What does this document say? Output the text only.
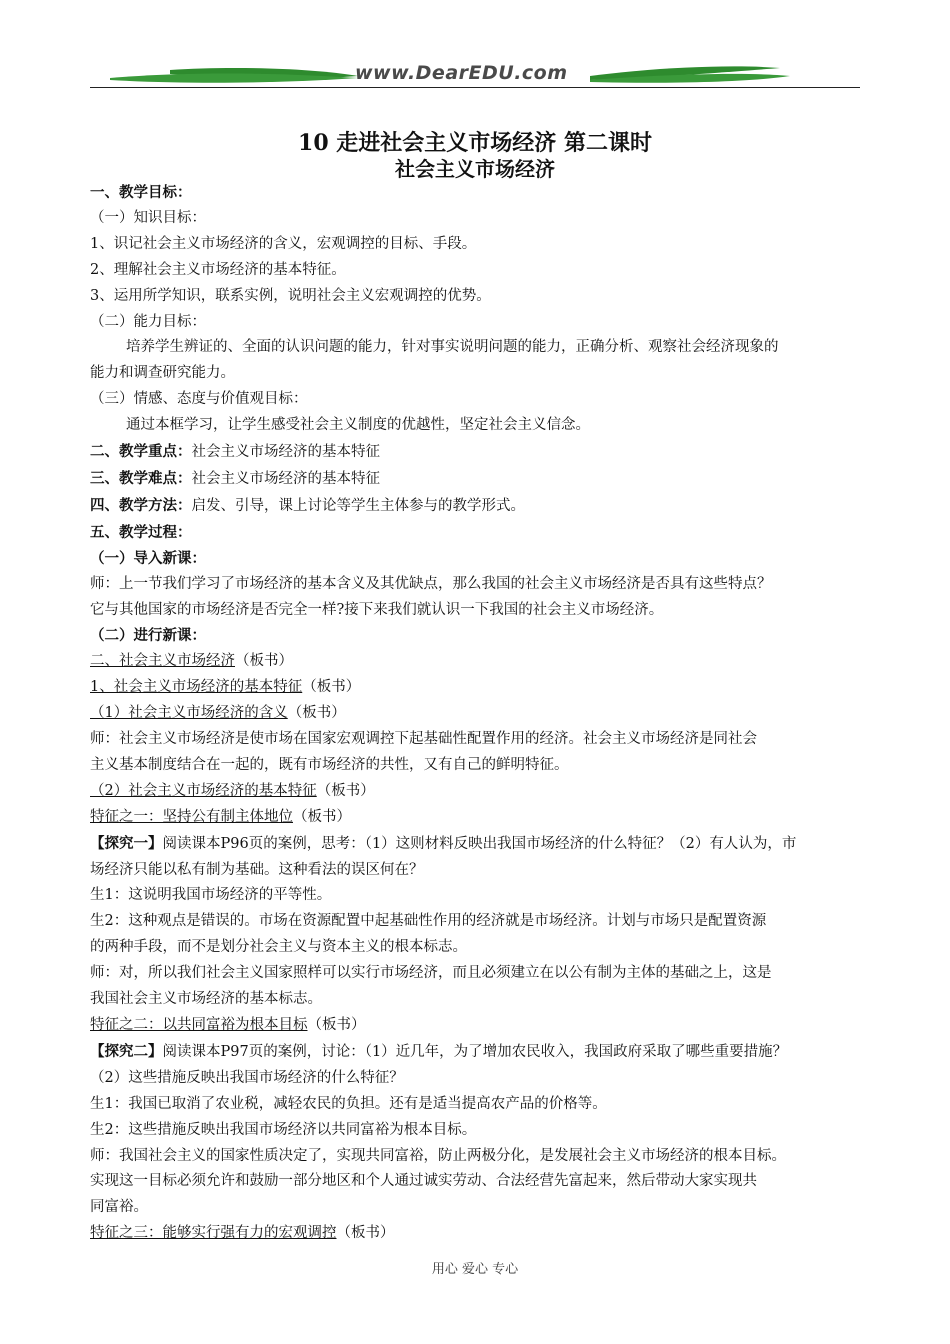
www.DearEDU.com
10 走进社会主义市场经济 第二课时
社会主义市场经济

一、教学目标：

（一）知识目标：

1、识记社会主义市场经济的含义，宏观调控的目标、手段。

2、理解社会主义市场经济的基本特征。

3、运用所学知识，联系实例，说明社会主义宏观调控的优势。

（二）能力目标：

培养学生辨证的、全面的认识问题的能力，针对事实说明问题的能力，正确分析、观察社会经济现象的

能力和调查研究能力。

（三）情感、态度与价值观目标：

通过本框学习，让学生感受社会主义制度的优越性，坚定社会主义信念。

二、教学重点：社会主义市场经济的基本特征

三、教学难点：社会主义市场经济的基本特征

四、教学方法：启发、引导，课上讨论等学生主体参与的教学形式。

五、教学过程：

（一）导入新课：

师：上一节我们学习了市场经济的基本含义及其优缺点，那么我国的社会主义市场经济是否具有这些特点？

它与其他国家的市场经济是否完全一样?接下来我们就认识一下我国的社会主义市场经济。

（二）进行新课：

二、社会主义市场经济（板书）

1、社会主义市场经济的基本特征（板书）

（1）社会主义市场经济的含义（板书）

师：社会主义市场经济是使市场在国家宏观调控下起基础性配置作用的经济。社会主义市场经济是同社会

主义基本制度结合在一起的，既有市场经济的共性，又有自己的鲜明特征。

（2）社会主义市场经济的基本特征（板书）

特征之一：坚持公有制主体地位（板书）

【探究一】阅读课本P96页的案例，思考：（1）这则材料反映出我国市场经济的什么特征？（2）有人认为，市

场经济只能以私有制为基础。这种看法的误区何在？

生1：这说明我国市场经济的平等性。

生2：这种观点是错误的。市场在资源配置中起基础性作用的经济就是市场经济。计划与市场只是配置资源

的两种手段，而不是划分社会主义与资本主义的根本标志。

师：对，所以我们社会主义国家照样可以实行市场经济，而且必须建立在以公有制为主体的基础之上，这是

我国社会主义市场经济的基本标志。

特征之二：以共同富裕为根本目标（板书）

【探究二】阅读课本P97页的案例，讨论：（1）近几年，为了增加农民收入，我国政府采取了哪些重要措施？

（2）这些措施反映出我国市场经济的什么特征？

生1：我国已取消了农业税，减轻农民的负担。还有是适当提高农产品的价格等。

生2：这些措施反映出我国市场经济以共同富裕为根本目标。

师：我国社会主义的国家性质决定了，实现共同富裕，防止两极分化，是发展社会主义市场经济的根本目标。

实现这一目标必须允许和鼓励一部分地区和个人通过诚实劳动、合法经营先富起来，然后带动大家实现共

同富裕。

特征之三：能够实行强有力的宏观调控（板书）

用心 爱心 专心
